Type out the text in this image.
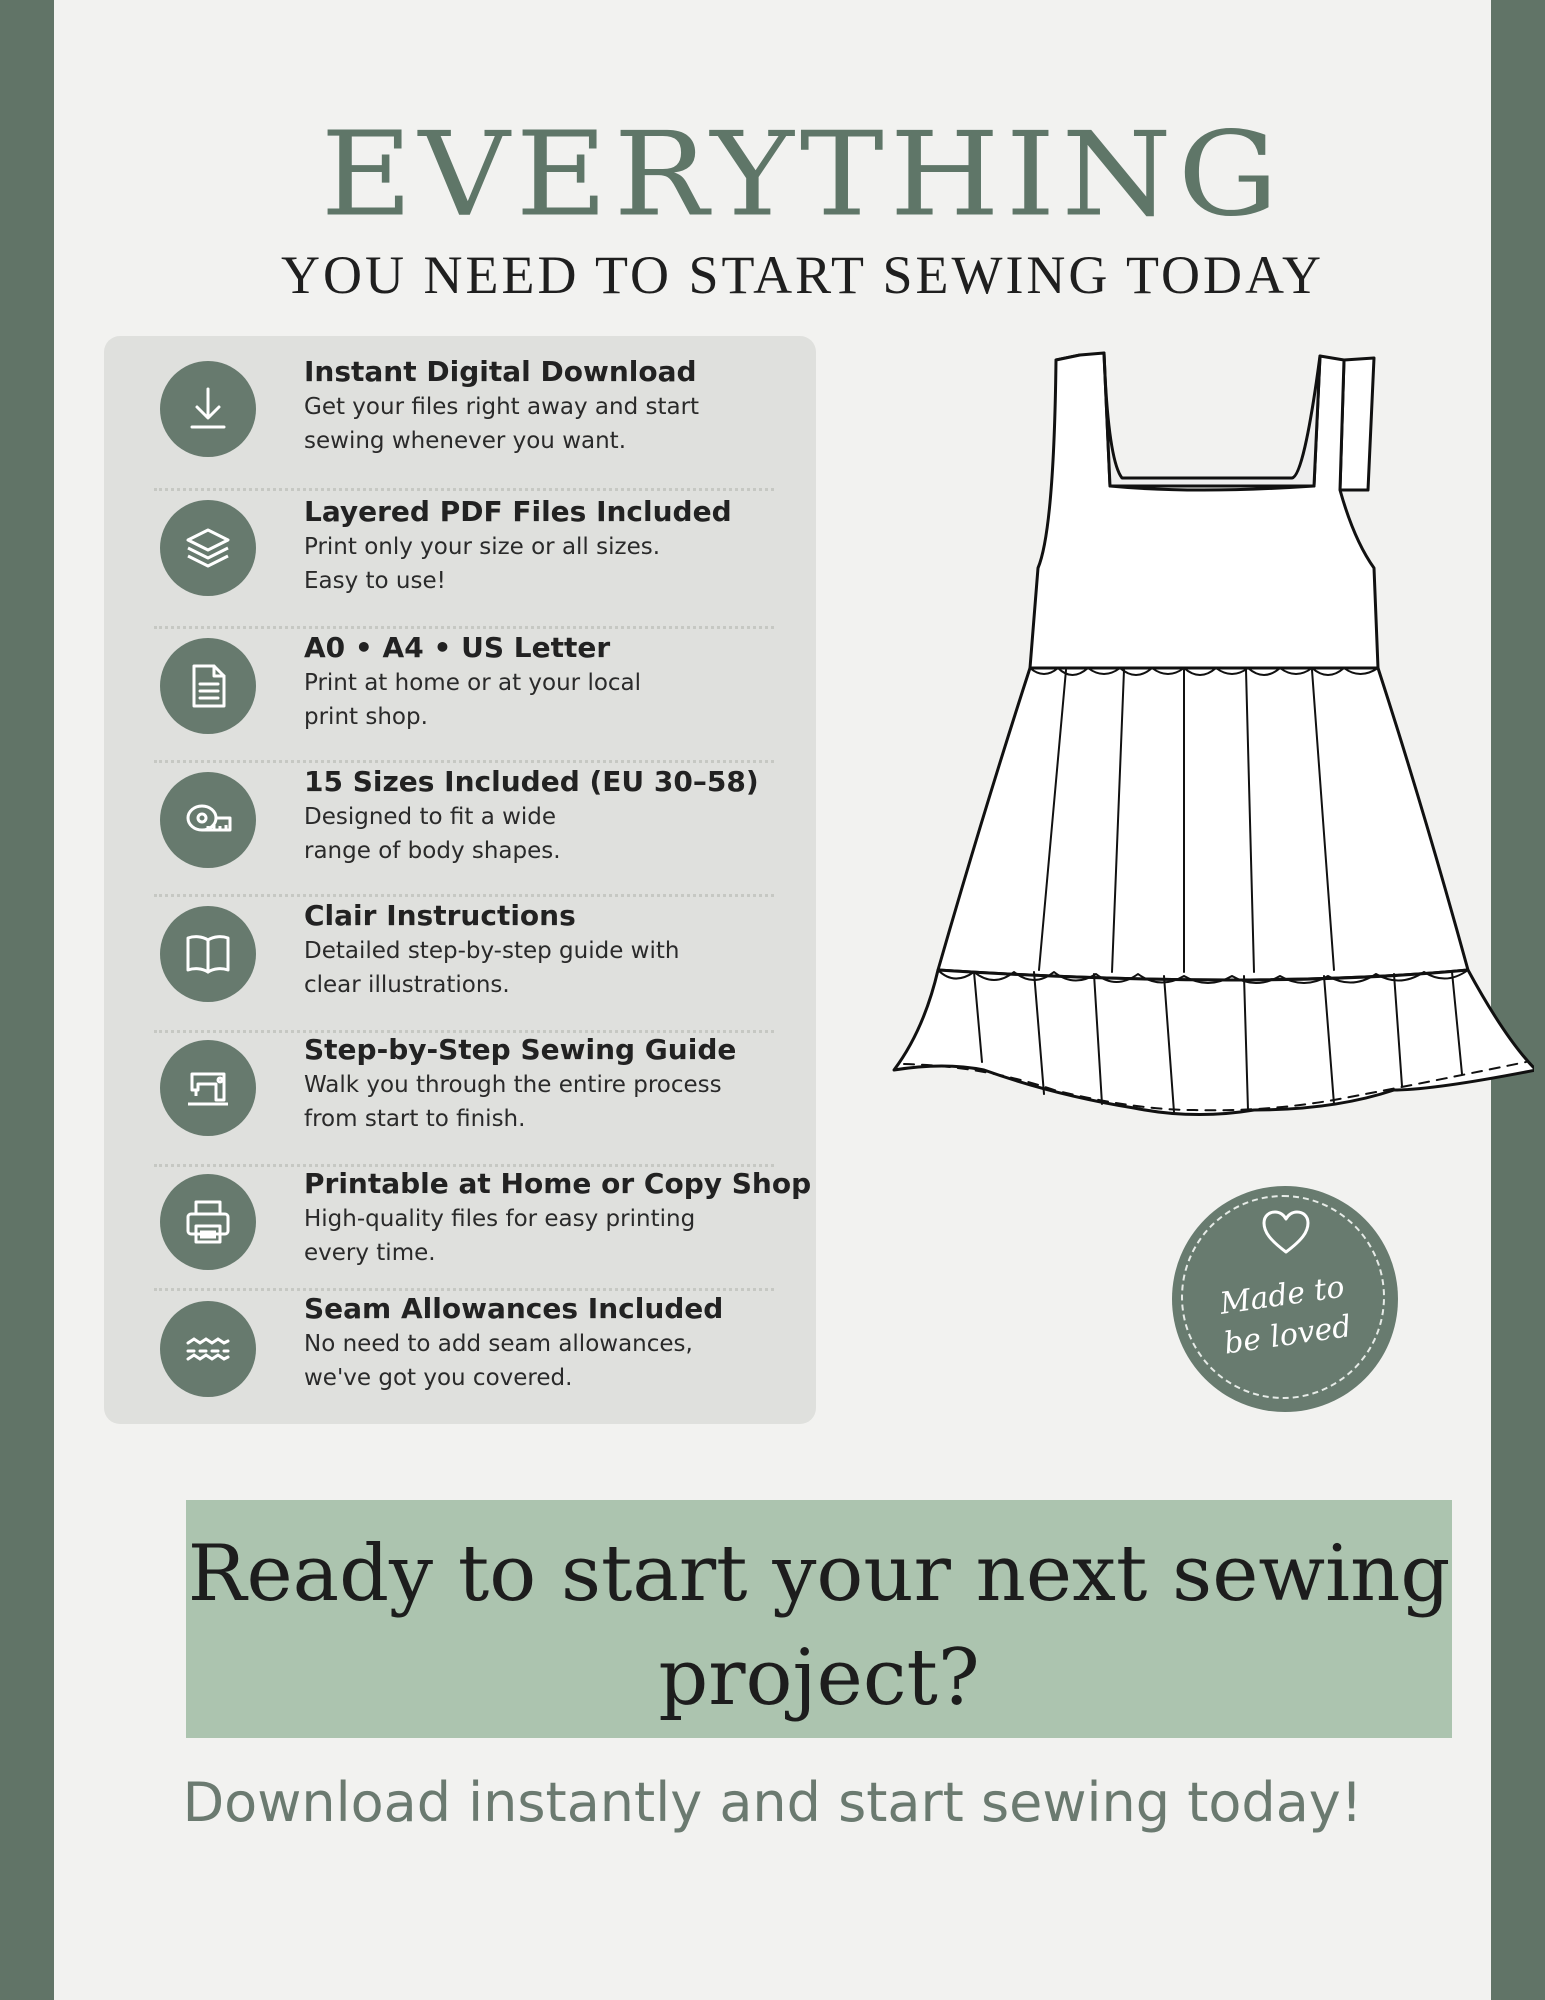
EVERYTHING
YOU NEED TO START SEWING TODAY
Instant Digital Download
Get your files right away and start
sewing whenever you want.
Layered PDF Files Included
Print only your size or all sizes.
Easy to use!
A0 • A4 • US Letter
Print at home or at your local
print shop.
15 Sizes Included (EU 30–58)
Designed to fit a wide
range of body shapes.
Clair Instructions
Detailed step-by-step guide with
clear illustrations.
Step-by-Step Sewing Guide
Walk you through the entire process
from start to finish.
Printable at Home or Copy Shop
High-quality files for easy printing
every time.
Seam Allowances Included
No need to add seam allowances,
we've got you covered.
Made to
be loved
Ready to start your next sewing
project?
Download instantly and start sewing today!
